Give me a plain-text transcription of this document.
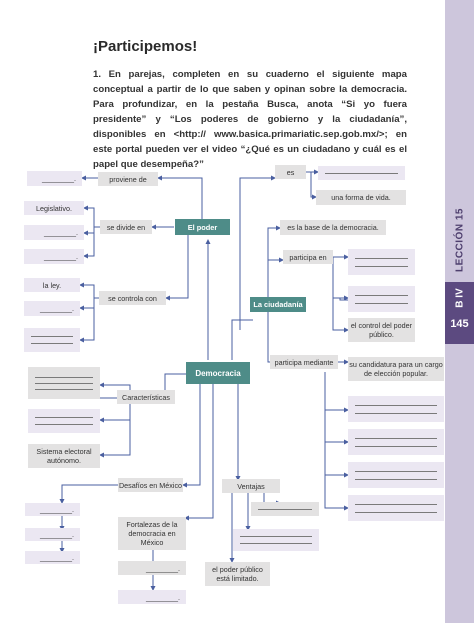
LECCIÓN 15
B IV
145
¡Participemos!
1. En parejas, completen en su cuaderno el siguiente mapa conceptual a partir de lo que saben y opinan sobre la democracia. Para profundizar, en la pestaña Busca, anota “Si yo fuera presidente” y “Los poderes de gobierno y la ciudadanía”, disponibles en <http:// www.basica.primariatic.sep.gob.mx/>; en este portal pueden ver el video “¿Qué es un ciudadano y cuál es el papel que desempeña?”
Democracia
El poder
proviene de
________.
se divide en
Legislativo.
________.
________.
se controla con
la ley.
________.
es
una forma de vida.
La ciudadanía
es la base de la democracia.
participa en
el control del poder público.
participa mediante	su candidatura para un cargo de elección popular.
Características
Sistema electoral autónomo.
Desafíos en México
________.
________.
________.
Fortalezas de la democracia en México
________.
________.
Ventajas
el poder público está limitado.
